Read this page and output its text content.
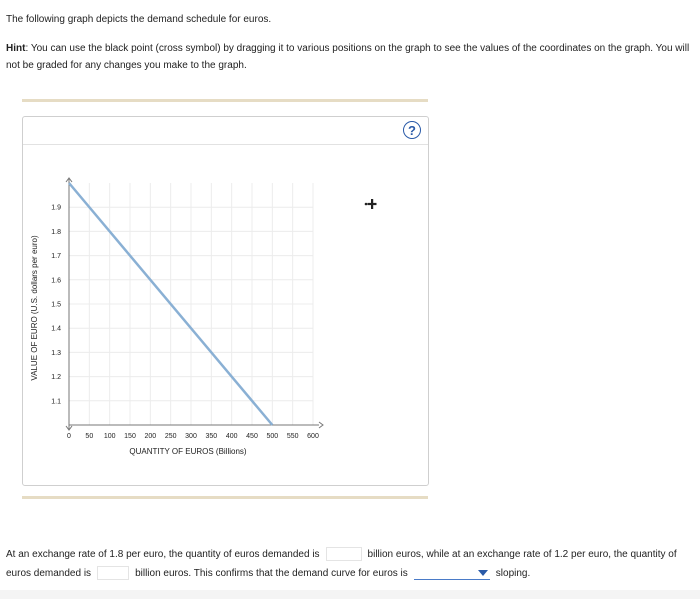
The following graph depicts the demand schedule for euros.
Hint: You can use the black point (cross symbol) by dragging it to various positions on the graph to see the values of the coordinates on the graph. You will not be graded for any changes you make to the graph.
?
0 50 100 150 200 250 300 350 400 450 500 550 600
1.1
1.2
1.3
1.4
1.5
1.6
1.7
1.8
1.9
VALUE OF EURO (U.S. dollars per euro)
QUANTITY OF EUROS (Billions)
At an exchange rate of 1.8 per euro, the quantity of euros demanded is	billion euros, while at an exchange rate of 1.2 per euro, the quantity of euros demanded is	billion euros. This confirms that the demand curve for euros is	sloping.
